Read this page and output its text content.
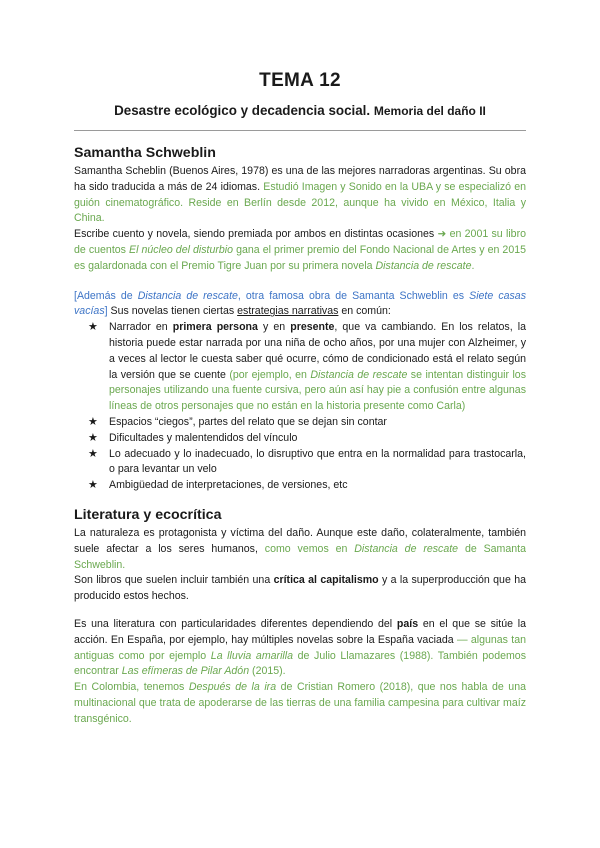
TEMA 12
Desastre ecológico y decadencia social. Memoria del daño II
Samantha Schweblin

Samantha Scheblin (Buenos Aires, 1978) es una de las mejores narradoras argentinas. Su obra ha sido traducida a más de 24 idiomas. Estudió Imagen y Sonido en la UBA y se especializó en guión cinematográfico. Reside en Berlín desde 2012, aunque ha vivido en México, Italia y China.

Escribe cuento y novela, siendo premiada por ambos en distintas ocasiones ➜ en 2001 su libro de cuentos El núcleo del disturbio gana el primer premio del Fondo Nacional de Artes y en 2015 es galardonada con el Premio Tigre Juan por su primera novela Distancia de rescate.

[Además de Distancia de rescate, otra famosa obra de Samanta Schweblin es Siete casas vacías] Sus novelas tienen ciertas estrategias narrativas en común:

★ Narrador en primera persona y en presente, que va cambiando. En los relatos, la historia puede estar narrada por una niña de ocho años, por una mujer con Alzheimer, y a veces al lector le cuesta saber qué ocurre, cómo de condicionado está el relato según la versión que se cuente (por ejemplo, en Distancia de rescate se intentan distinguir los personajes utilizando una fuente cursiva, pero aún así hay pie a confusión entre algunas líneas de otros personajes que no están en la historia presente como Carla)
★ Espacios “ciegos”, partes del relato que se dejan sin contar
★ Dificultades y malentendidos del vínculo
★ Lo adecuado y lo inadecuado, lo disruptivo que entra en la normalidad para trastocarla, o para levantar un velo
★ Ambigüedad de interpretaciones, de versiones, etc
Literatura y ecocrítica

La naturaleza es protagonista y víctima del daño. Aunque este daño, colateralmente, también suele afectar a los seres humanos, como vemos en Distancia de rescate de Samanta Schweblin.

Son libros que suelen incluir también una crítica al capitalismo y a la superproducción que ha producido estos hechos.

Es una literatura con particularidades diferentes dependiendo del país en el que se sitúe la acción. En España, por ejemplo, hay múltiples novelas sobre la España vaciada — algunas tan antiguas como por ejemplo La lluvia amarilla de Julio Llamazares (1988). También podemos encontrar Las efímeras de Pilar Adón (2015).

En Colombia, tenemos Después de la ira de Cristian Romero (2018), que nos habla de una multinacional que trata de apoderarse de las tierras de una familia campesina para cultivar maíz transgénico.
